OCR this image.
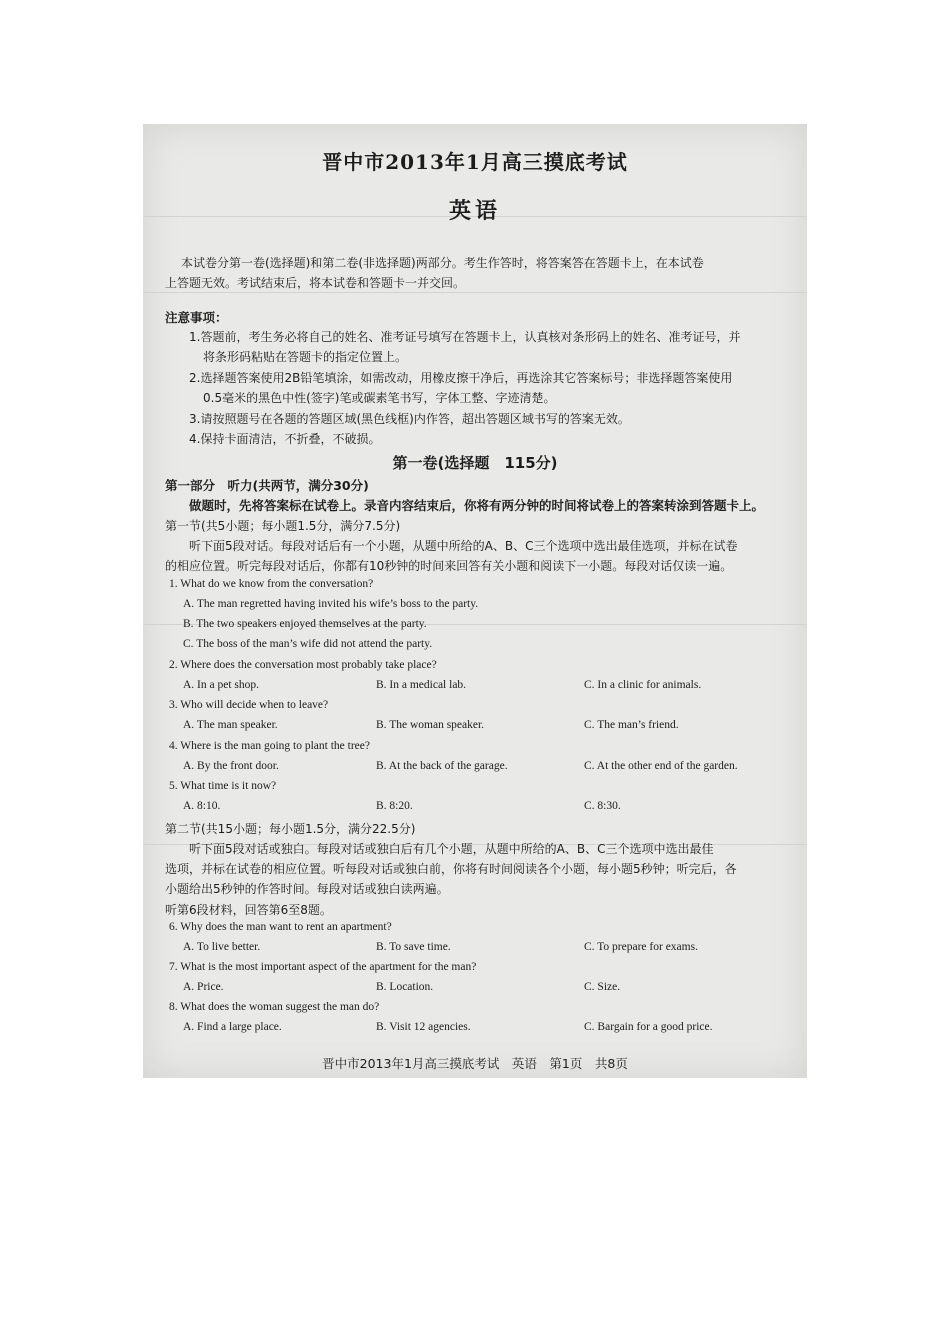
晋中市2013年1月高三摸底考试
英语
本试卷分第一卷(选择题)和第二卷(非选择题)两部分。考生作答时，将答案答在答题卡上，在本试卷
上答题无效。考试结束后，将本试卷和答题卡一并交回。
注意事项：
1.答题前，考生务必将自己的姓名、准考证号填写在答题卡上，认真核对条形码上的姓名、准考证号，并
将条形码粘贴在答题卡的指定位置上。
2.选择题答案使用2B铅笔填涂，如需改动，用橡皮擦干净后，再选涂其它答案标号；非选择题答案使用
0.5毫米的黑色中性(签字)笔或碳素笔书写，字体工整、字迹清楚。
3.请按照题号在各题的答题区域(黑色线框)内作答，超出答题区域书写的答案无效。
4.保持卡面清洁，不折叠，不破损。
第一卷(选择题　115分)
第一部分　听力(共两节，满分30分)
做题时，先将答案标在试卷上。录音内容结束后，你将有两分钟的时间将试卷上的答案转涂到答题卡上。
第一节(共5小题；每小题1.5分，满分7.5分)
听下面5段对话。每段对话后有一个小题，从题中所给的A、B、C三个选项中选出最佳选项，并标在试卷
的相应位置。听完每段对话后，你都有10秒钟的时间来回答有关小题和阅读下一小题。每段对话仅读一遍。
1. What do we know from the conversation?
A. The man regretted having invited his wife’s boss to the party.
B. The two speakers enjoyed themselves at the party.
C. The boss of the man’s wife did not attend the party.
2. Where does the conversation most probably take place?
A. In a pet shop.	B. In a medical lab.	C. In a clinic for animals.
3. Who will decide when to leave?
A. The man speaker.	B. The woman speaker.	C. The man’s friend.
4. Where is the man going to plant the tree?
A. By the front door.	B. At the back of the garage.	C. At the other end of the garden.
5. What time is it now?
A. 8:10.	B. 8:20.	C. 8:30.
第二节(共15小题；每小题1.5分，满分22.5分)
听下面5段对话或独白。每段对话或独白后有几个小题，从题中所给的A、B、C三个选项中选出最佳
选项，并标在试卷的相应位置。听每段对话或独白前，你将有时间阅读各个小题，每小题5秒钟；听完后，各
小题给出5秒钟的作答时间。每段对话或独白读两遍。
听第6段材料，回答第6至8题。
6. Why does the man want to rent an apartment?
A. To live better.	B. To save time.	C. To prepare for exams.
7. What is the most important aspect of the apartment for the man?
A. Price.	B. Location.	C. Size.
8. What does the woman suggest the man do?
A. Find a large place.	B. Visit 12 agencies.	C. Bargain for a good price.
晋中市2013年1月高三摸底考试　英语　第1页　共8页
